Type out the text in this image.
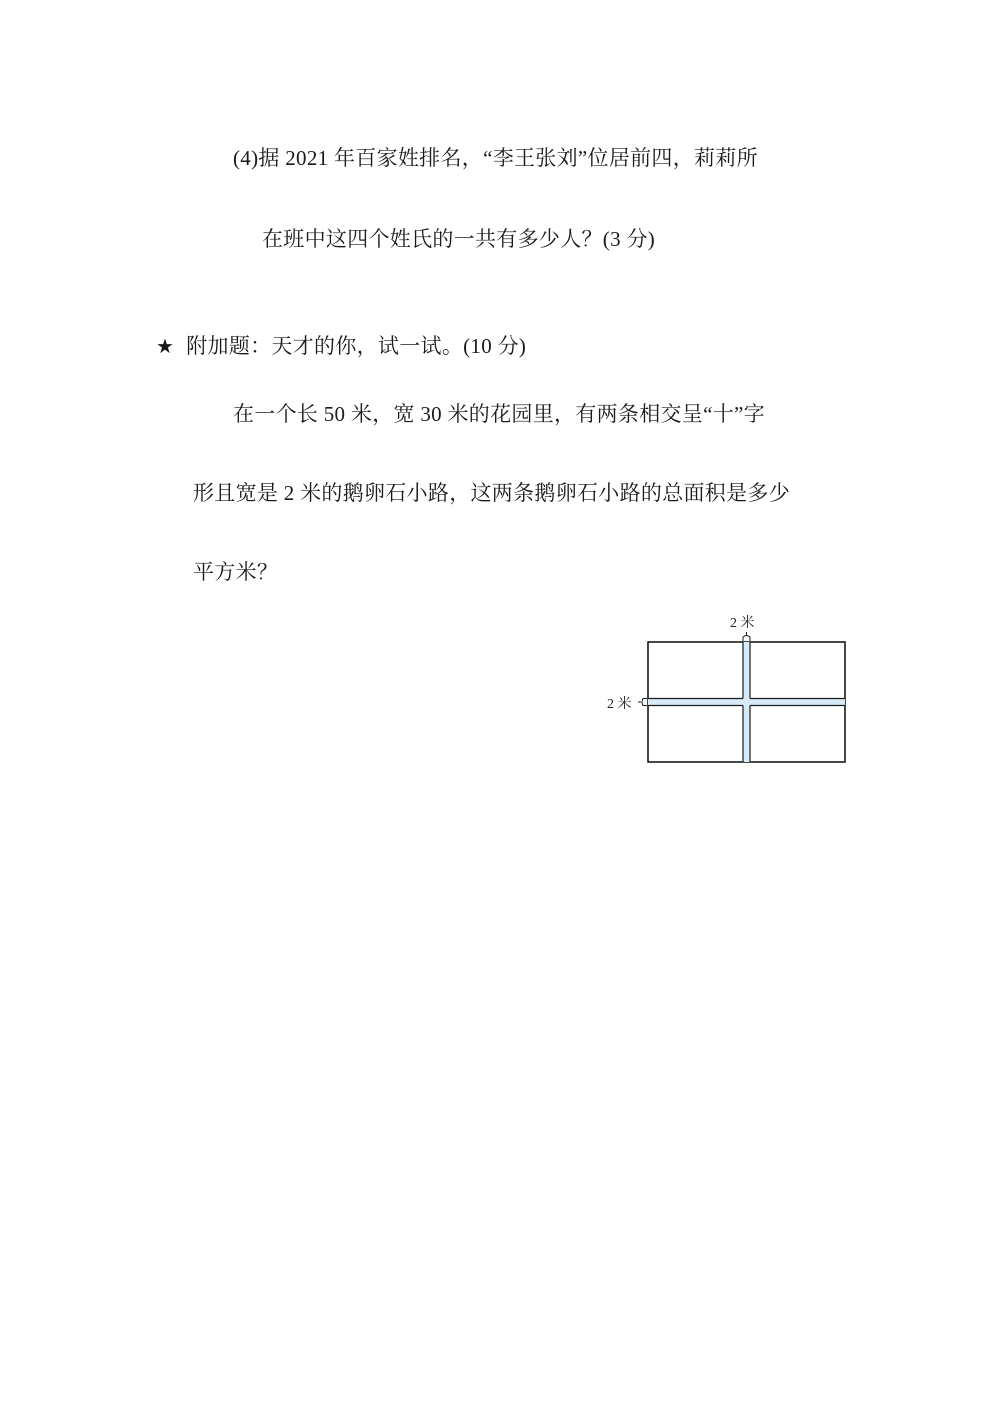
(4)据 2021 年百家姓排名，“李王张刘”位居前四，莉莉所
在班中这四个姓氏的一共有多少人？(3 分)
★ 附加题：天才的你，试一试。(10 分)
在一个长 50 米，宽 30 米的花园里，有两条相交呈“十”字
形且宽是 2 米的鹅卵石小路，这两条鹅卵石小路的总面积是多少
平方米？
2 米
2 米
